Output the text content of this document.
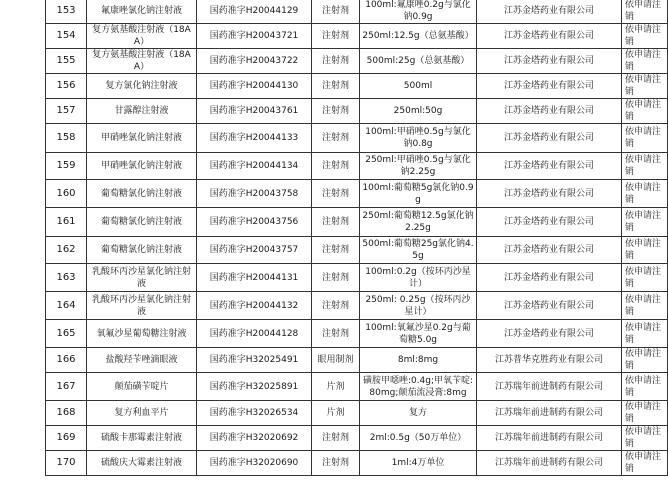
153	氟康唑氯化钠注射液	国药准字H20044129	注射剂	100ml:氟康唑0.2g与氯化钠0.9g	江苏金塔药业有限公司	依申请注销
154	复方氨基酸注射液（18AA）	国药准字H20043721	注射剂	250ml:12.5g（总氨基酸）	江苏金塔药业有限公司	依申请注销
155	复方氨基酸注射液（18AA）	国药准字H20043722	注射剂	500ml:25g（总氨基酸）	江苏金塔药业有限公司	依申请注销
156	复方氯化钠注射液	国药准字H20044130	注射剂	500ml	江苏金塔药业有限公司	依申请注销
157	甘露醇注射液	国药准字H20043761	注射剂	250ml:50g	江苏金塔药业有限公司	依申请注销
158	甲硝唑氯化钠注射液	国药准字H20044133	注射剂	100ml:甲硝唑0.5g与氯化钠0.8g	江苏金塔药业有限公司	依申请注销
159	甲硝唑氯化钠注射液	国药准字H20044134	注射剂	250ml:甲硝唑0.5g与氯化钠2.25g	江苏金塔药业有限公司	依申请注销
160	葡萄糖氯化钠注射液	国药准字H20043758	注射剂	100ml:葡萄糖5g氯化钠0.9g	江苏金塔药业有限公司	依申请注销
161	葡萄糖氯化钠注射液	国药准字H20043756	注射剂	250ml:葡萄糖12.5g氯化钠2.25g	江苏金塔药业有限公司	依申请注销
162	葡萄糖氯化钠注射液	国药准字H20043757	注射剂	500ml:葡萄糖25g氯化钠4.5g	江苏金塔药业有限公司	依申请注销
163	乳酸环丙沙星氯化钠注射液	国药准字H20044131	注射剂	100ml:0.2g（按环丙沙星计）	江苏金塔药业有限公司	依申请注销
164	乳酸环丙沙星氯化钠注射液	国药准字H20044132	注射剂	250ml: 0.25g（按环丙沙星计）	江苏金塔药业有限公司	依申请注销
165	氧氟沙星葡萄糖注射液	国药准字H20044128	注射剂	100ml:氧氟沙星0.2g与葡萄糖5.0g	江苏金塔药业有限公司	依申请注销
166	盐酸羟苄唑滴眼液	国药准字H32025491	眼用制剂	8ml:8mg	江苏普华克胜药业有限公司	依申请注销
167	颠茄磺苄啶片	国药准字H32025891	片剂	磺胺甲噁唑:0.4g;甲氧苄啶:80mg;颠茄流浸膏:8mg	江苏瑞年前进制药有限公司	依申请注销
168	复方利血平片	国药准字H32026534	片剂	复方	江苏瑞年前进制药有限公司	依申请注销
169	硫酸卡那霉素注射液	国药准字H32020692	注射剂	2ml:0.5g（50万单位）	江苏瑞年前进制药有限公司	依申请注销
170	硫酸庆大霉素注射液	国药准字H32020690	注射剂	1ml:4万单位	江苏瑞年前进制药有限公司	依申请注销
